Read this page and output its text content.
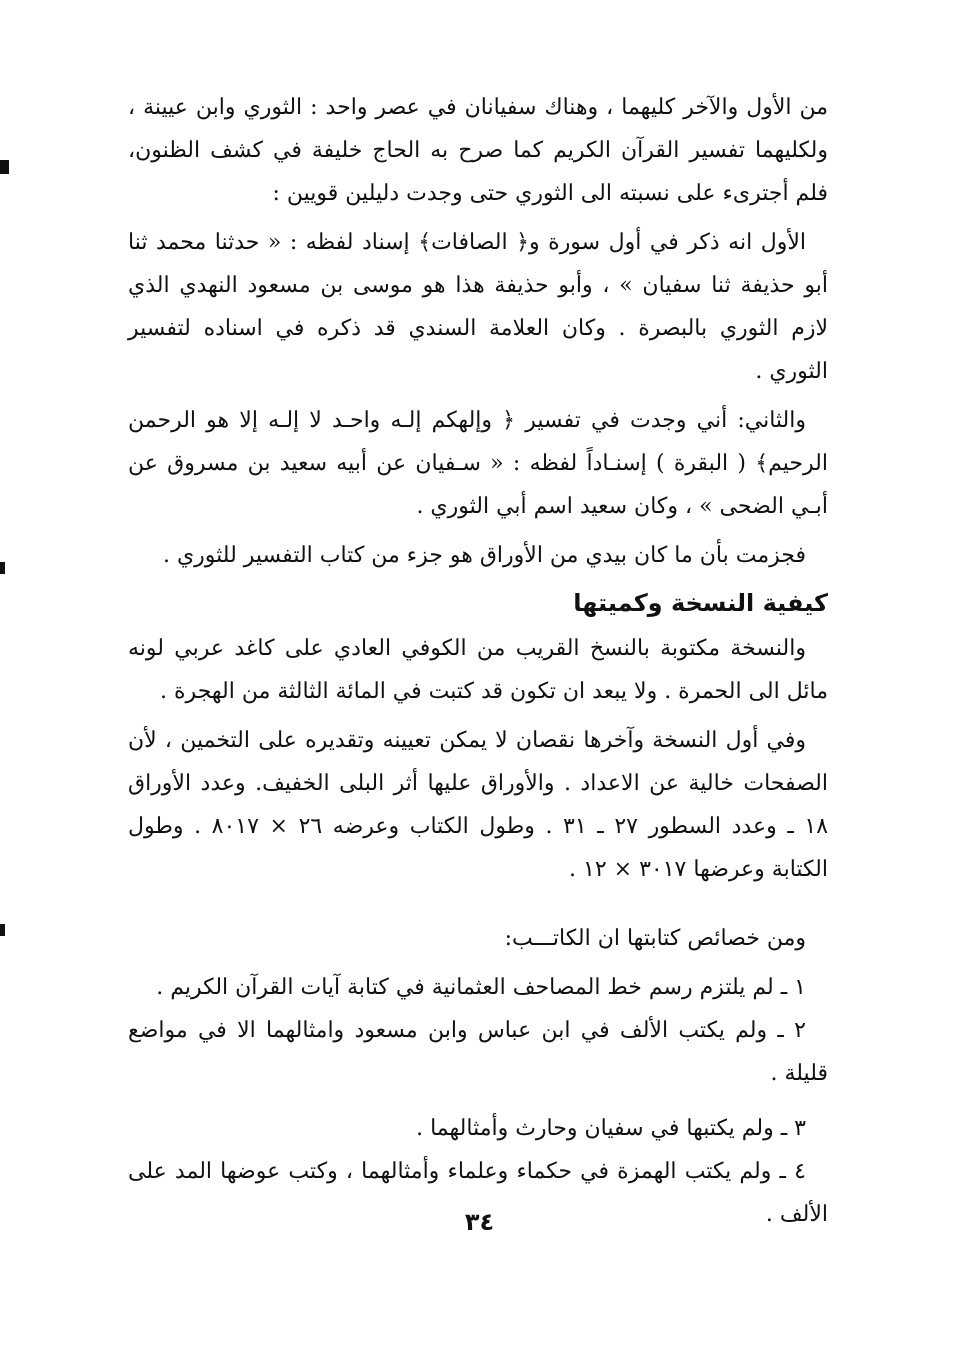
من الأول والآخر كليهما ، وهناك سفيانان في عصر واحد : الثوري وابن عيينة ، ولكليهما تفسير القرآن الكريم كما صرح به الحاج خليفة في كشف الظنون، فلم أجترىء على نسبته الى الثوري حتى وجدت دليلين قويين :

الأول انه ذكر في أول سورة و﴿ الصافات﴾ إسناد لفظه : « حدثنا محمد ثنا أبو حذيفة ثنا سفيان » ، وأبو حذيفة هذا هو موسى بن مسعود النهدي الذي لازم الثوري بالبصرة . وكان العلامة السندي قد ذكره في اسناده لتفسير الثوري .

والثاني: أني وجدت في تفسير ﴿ وإلهكم إلـه واحـد لا إلـه إلا هو الرحمن الرحيم﴾ ( البقرة ) إسنـاداً لفظه : « سـفيان عن أبيه سعيد بن مسروق عن أبـي الضحى » ، وكان سعيد اسم أبي الثوري .

فجزمت بأن ما كان بيدي من الأوراق هو جزء من كتاب التفسير للثوري .

كيفية النسخة وكميتها

والنسخة مكتوبة بالنسخ القريب من الكوفي العادي على كاغد عربي لونه مائل الى الحمرة . ولا يبعد ان تكون قد كتبت في المائة الثالثة من الهجرة .

وفي أول النسخة وآخرها نقصان لا يمكن تعيينه وتقديره على التخمين ، لأن الصفحات خالية عن الاعداد . والأوراق عليها أثر البلى الخفيف. وعدد الأوراق ١٨ ـ وعدد السطور ٢٧ ـ ٣١ . وطول الكتاب وعرضه ٢٦ × ٨٠١٧ . وطول الكتابة وعرضها ٣٠١٧ × ١٢ .

ومن خصائص كتابتها ان الكاتـــب:

١ ـ لم يلتزم رسم خط المصاحف العثمانية في كتابة آيات القرآن الكريم .

٢ ـ ولم يكتب الألف في ابن عباس وابن مسعود وامثالهما الا في مواضع قليلة .

٣ ـ ولم يكتبها في سفيان وحارث وأمثالهما .

٤ ـ ولم يكتب الهمزة في حكماء وعلماء وأمثالهما ، وكتب عوضها المد على الألف .

٣٤
